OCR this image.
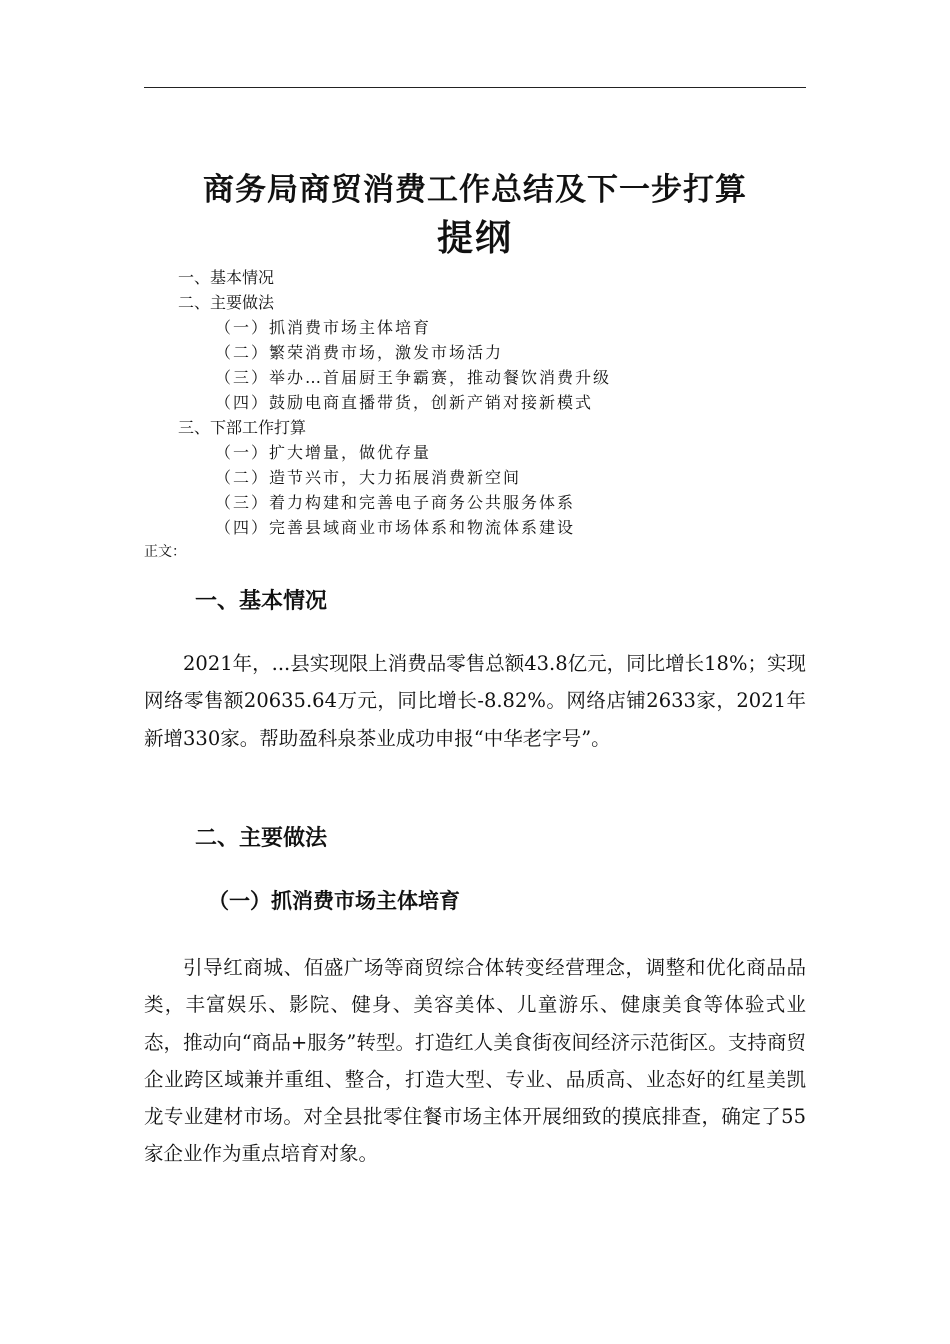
商务局商贸消费工作总结及下一步打算
提纲
一、基本情况
二、主要做法
（一）抓消费市场主体培育
（二）繁荣消费市场，激发市场活力
（三）举办…首届厨王争霸赛，推动餐饮消费升级
（四）鼓励电商直播带货，创新产销对接新模式
三、下部工作打算
（一）扩大增量，做优存量
（二）造节兴市，大力拓展消费新空间
（三）着力构建和完善电子商务公共服务体系
（四）完善县域商业市场体系和物流体系建设
正文：
一、基本情况
2021年，...县实现限上消费品零售总额43.8亿元，同比增长18%；实现网络零售额20635.64万元，同比增长-8.82%。网络店铺2633家，2021年新增330家。帮助盈科泉茶业成功申报“中华老字号”。
二、主要做法
（一）抓消费市场主体培育
引导红商城、佰盛广场等商贸综合体转变经营理念，调整和优化商品品类，丰富娱乐、影院、健身、美容美体、儿童游乐、健康美食等体验式业态，推动向“商品+服务”转型。打造红人美食街夜间经济示范街区。支持商贸企业跨区域兼并重组、整合，打造大型、专业、品质高、业态好的红星美凯龙专业建材市场。对全县批零住餐市场主体开展细致的摸底排查，确定了55家企业作为重点培育对象。
